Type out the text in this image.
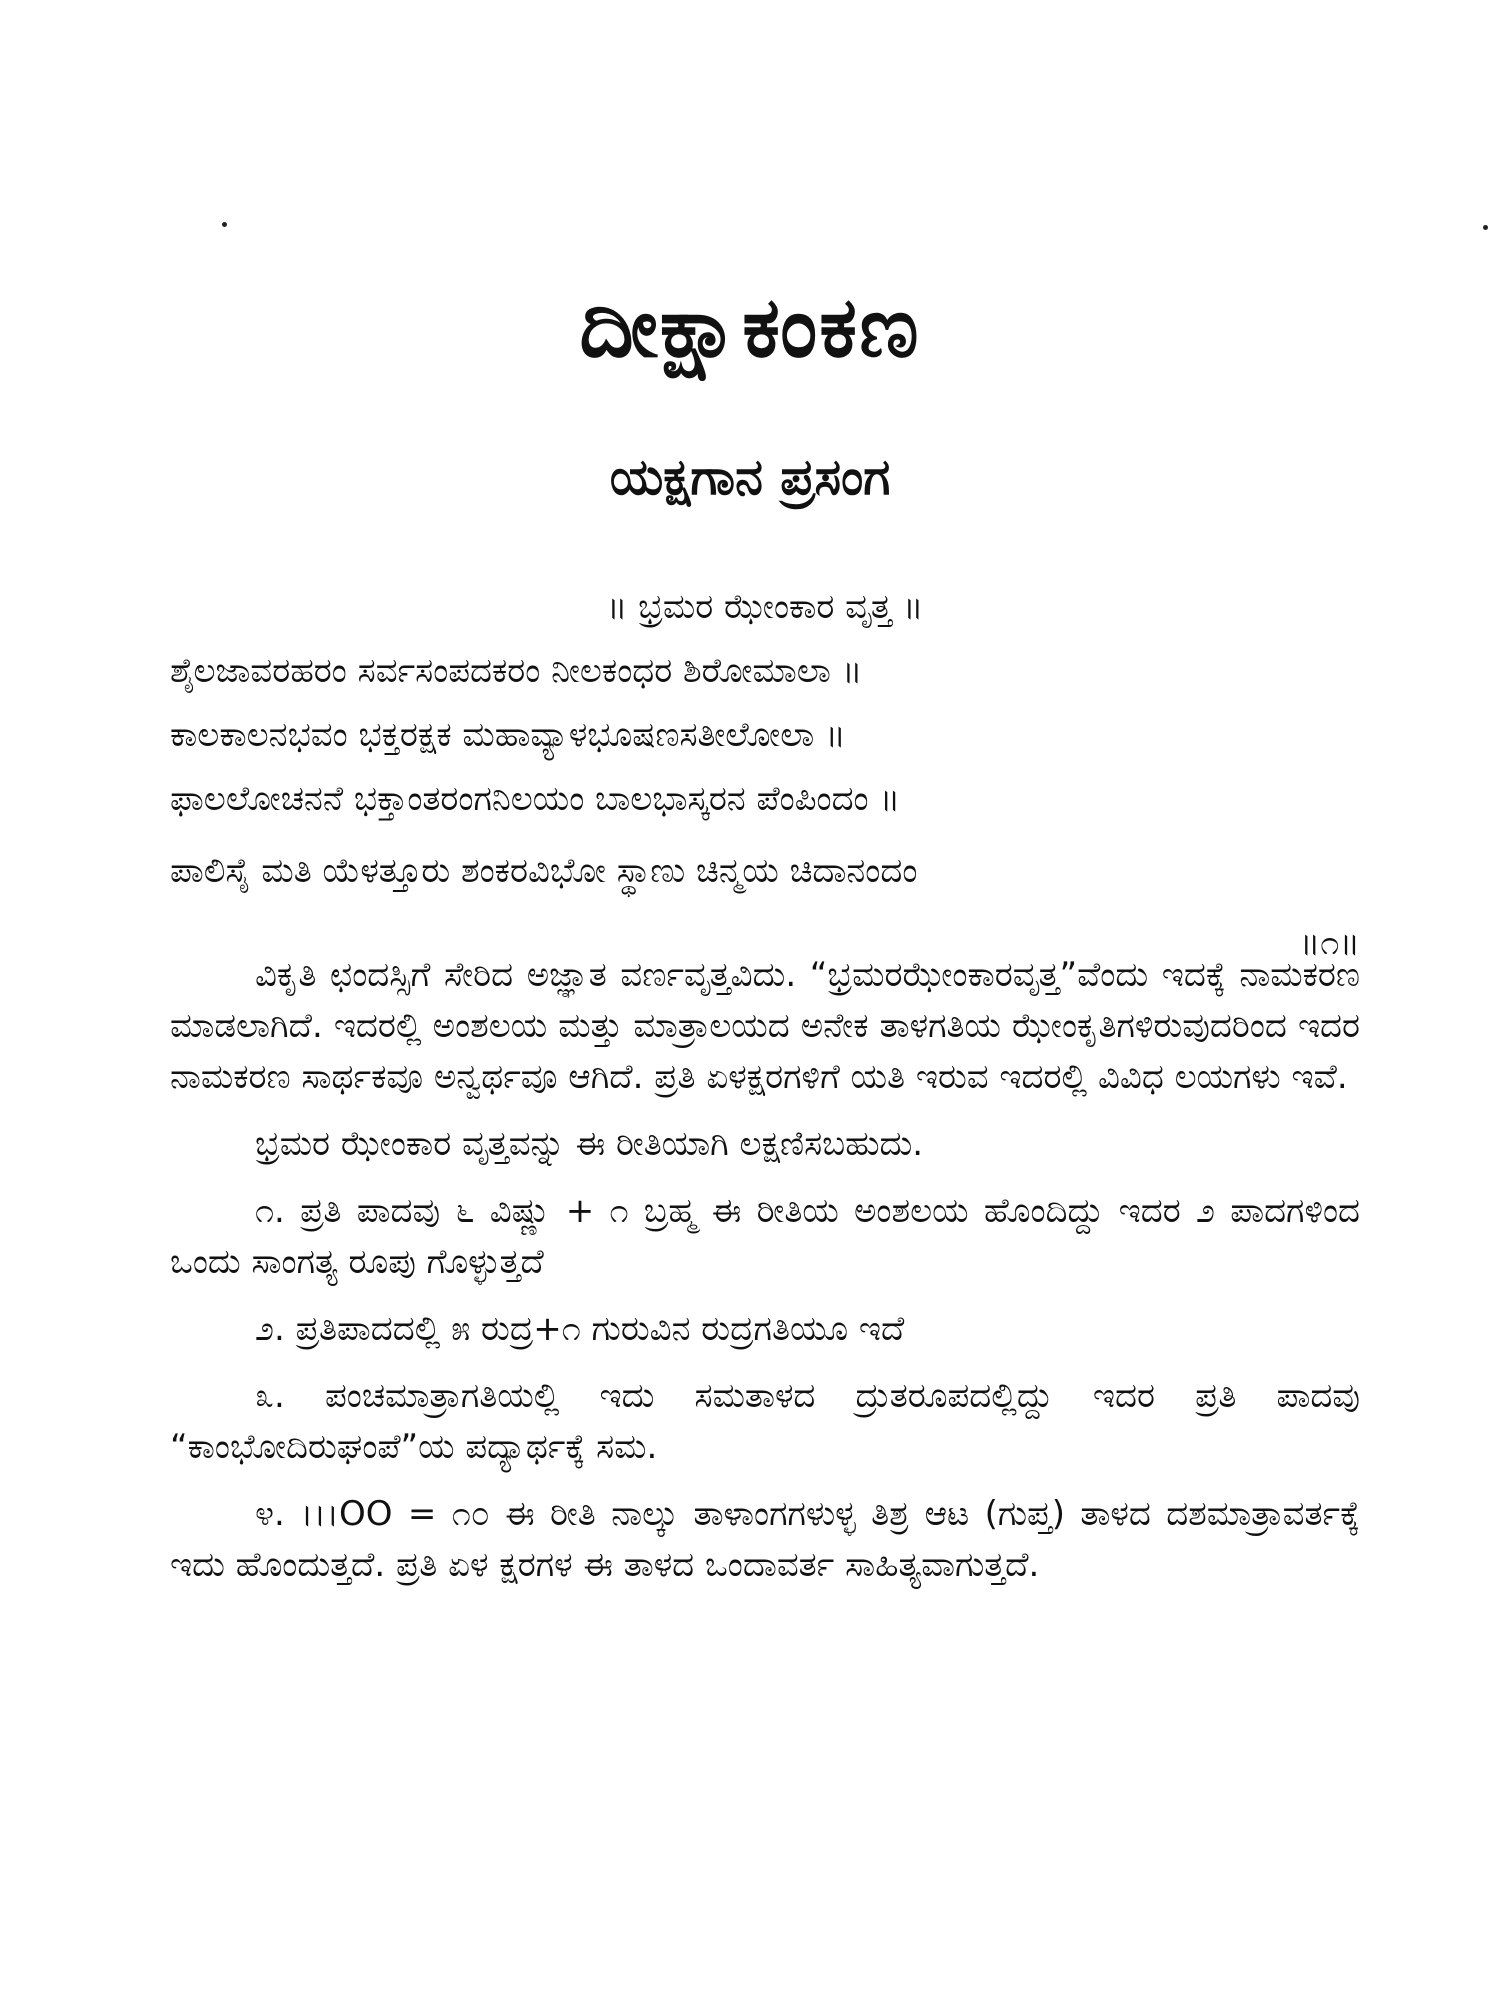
ದೀಕ್ಷಾಕಂಕಣ
ಯಕ್ಷಗಾನ ಪ್ರಸಂಗ
॥ ಭ್ರಮರ ಝೇಂಕಾರ ವೃತ್ತ ॥
ಶೈಲಜಾವರಹರಂ ಸರ್ವಸಂಪದಕರಂ ನೀಲಕಂಧರ ಶಿರೋಮಾಲಾ ॥
ಕಾಲಕಾಲನಭವಂ ಭಕ್ತರಕ್ಷಕ ಮಹಾವ್ಯಾಳಭೂಷಣಸತೀಲೋಲಾ ॥
ಫಾಲಲೋಚನನೆ ಭಕ್ತಾಂತರಂಗನಿಲಯಂ ಬಾಲಭಾಸ್ಕರನ ಪೆಂಪಿಂದಂ ॥
ಪಾಲಿಸೈ ಮತಿ ಯೆಳತ್ತೂರು ಶಂಕರವಿಭೋ ಸ್ಥಾಣು ಚಿನ್ಮಯ ಚಿದಾನಂದಂ
॥೧॥

ವಿಕೃತಿ ಛಂದಸ್ಸಿಗೆ ಸೇರಿದ ಅಜ್ಞಾತ ವರ್ಣವೃತ್ತವಿದು. “ಭ್ರಮರಝೇಂಕಾರವೃತ್ತ”ವೆಂದು ಇದಕ್ಕೆ ನಾಮಕರಣ ಮಾಡಲಾಗಿದೆ. ಇದರಲ್ಲಿ ಅಂಶಲಯ ಮತ್ತು ಮಾತ್ರಾಲಯದ ಅನೇಕ ತಾಳಗತಿಯ ಝೇಂಕೃತಿಗಳಿರುವುದರಿಂದ ಇದರ ನಾಮಕರಣ ಸಾರ್ಥಕವೂ ಅನ್ವರ್ಥವೂ ಆಗಿದೆ. ಪ್ರತಿ ಏಳಕ್ಷರಗಳಿಗೆ ಯತಿ ಇರುವ ಇದರಲ್ಲಿ ವಿವಿಧ ಲಯಗಳು ಇವೆ.

ಭ್ರಮರ ಝೇಂಕಾರ ವೃತ್ತವನ್ನು ಈ ರೀತಿಯಾಗಿ ಲಕ್ಷಣಿಸಬಹುದು.

೧. ಪ್ರತಿ ಪಾದವು ೬ ವಿಷ್ಣು + ೧ ಬ್ರಹ್ಮ ಈ ರೀತಿಯ ಅಂಶಲಯ ಹೊಂದಿದ್ದು ಇದರ ೨ ಪಾದಗಳಿಂದ ಒಂದು ಸಾಂಗತ್ಯ ರೂಪು ಗೊಳ್ಳುತ್ತದೆ

೨. ಪ್ರತಿಪಾದದಲ್ಲಿ ೫ ರುದ್ರ+೧ ಗುರುವಿನ ರುದ್ರಗತಿಯೂ ಇದೆ

೩. ಪಂಚಮಾತ್ರಾಗತಿಯಲ್ಲಿ ಇದು ಸಮತಾಳದ ದ್ರುತರೂಪದಲ್ಲಿದ್ದು ಇದರ ಪ್ರತಿ ಪಾದವು “ಕಾಂಭೋದಿರುಘಂಪೆ”ಯ ಪದ್ಯಾರ್ಥಕ್ಕೆ ಸಮ.

೪. ।।।OO = ೧೦ ಈ ರೀತಿ ನಾಲ್ಕು ತಾಳಾಂಗಗಳುಳ್ಳ ತಿಶ್ರ ಆಟ (ಗುಪ್ತ) ತಾಳದ ದಶಮಾತ್ರಾವರ್ತಕ್ಕೆ ಇದು ಹೊಂದುತ್ತದೆ. ಪ್ರತಿ ಏಳ ಕ್ಷರಗಳ ಈ ತಾಳದ ಒಂದಾವರ್ತ ಸಾಹಿತ್ಯವಾಗುತ್ತದೆ.
